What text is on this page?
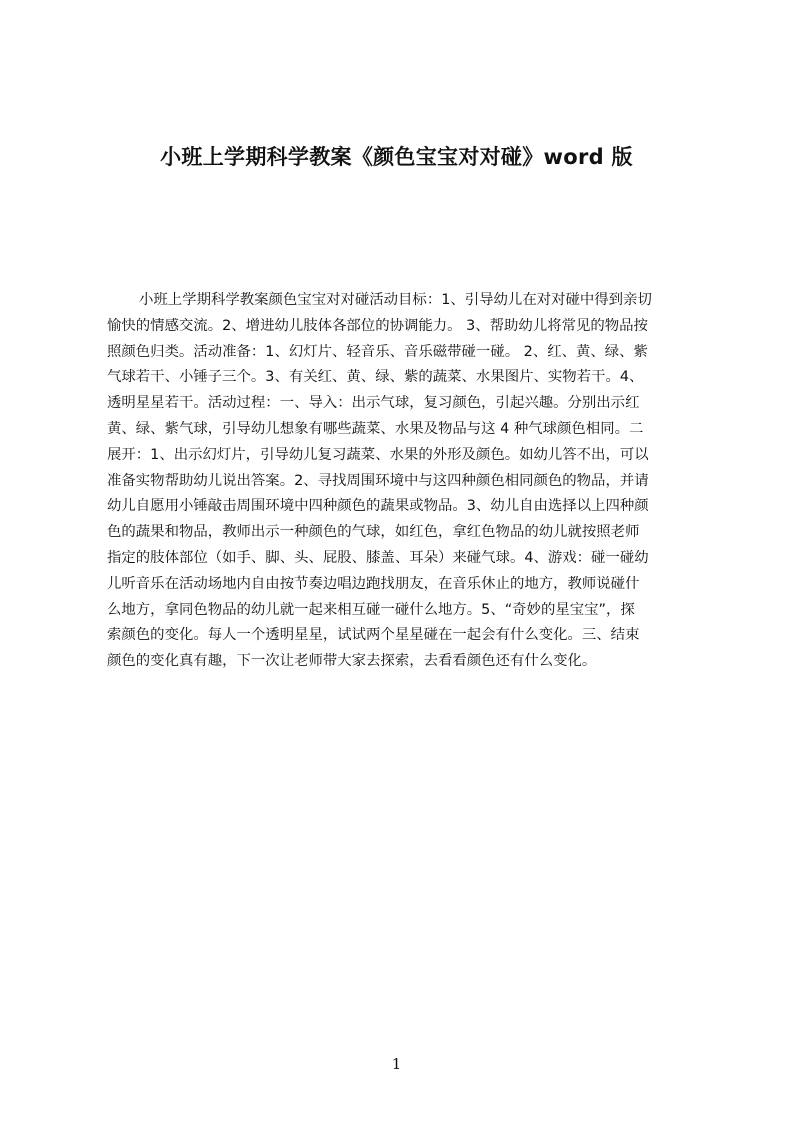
小班上学期科学教案《颜色宝宝对对碰》word 版
小班上学期科学教案颜色宝宝对对碰活动目标：1、引导幼儿在对对碰中得到亲切
愉快的情感交流。2、增进幼儿肢体各部位的协调能力。 3、帮助幼儿将常见的物品按
照颜色归类。活动准备：1、幻灯片、轻音乐、音乐磁带碰一碰。 2、红、黄、绿、紫
气球若干、小锤子三个。3、有关红、黄、绿、紫的蔬菜、水果图片、实物若干。4、
透明星星若干。活动过程：一、导入：出示气球，复习颜色，引起兴趣。分别出示红
黄、绿、紫气球，引导幼儿想象有哪些蔬菜、水果及物品与这 4 种气球颜色相同。二
展开：1、出示幻灯片，引导幼儿复习蔬菜、水果的外形及颜色。如幼儿答不出，可以
准备实物帮助幼儿说出答案。2、寻找周围环境中与这四种颜色相同颜色的物品，并请
幼儿自愿用小锤敲击周围环境中四种颜色的蔬果或物品。3、幼儿自由选择以上四种颜
色的蔬果和物品，教师出示一种颜色的气球，如红色，拿红色物品的幼儿就按照老师
指定的肢体部位（如手、脚、头、屁股、膝盖、耳朵）来碰气球。4、游戏：碰一碰幼
儿听音乐在活动场地内自由按节奏边唱边跑找朋友，在音乐休止的地方，教师说碰什
么地方，拿同色物品的幼儿就一起来相互碰一碰什么地方。5、“奇妙的星宝宝”，探
索颜色的变化。每人一个透明星星，试试两个星星碰在一起会有什么变化。三、结束
颜色的变化真有趣，下一次让老师带大家去探索，去看看颜色还有什么变化。
1
